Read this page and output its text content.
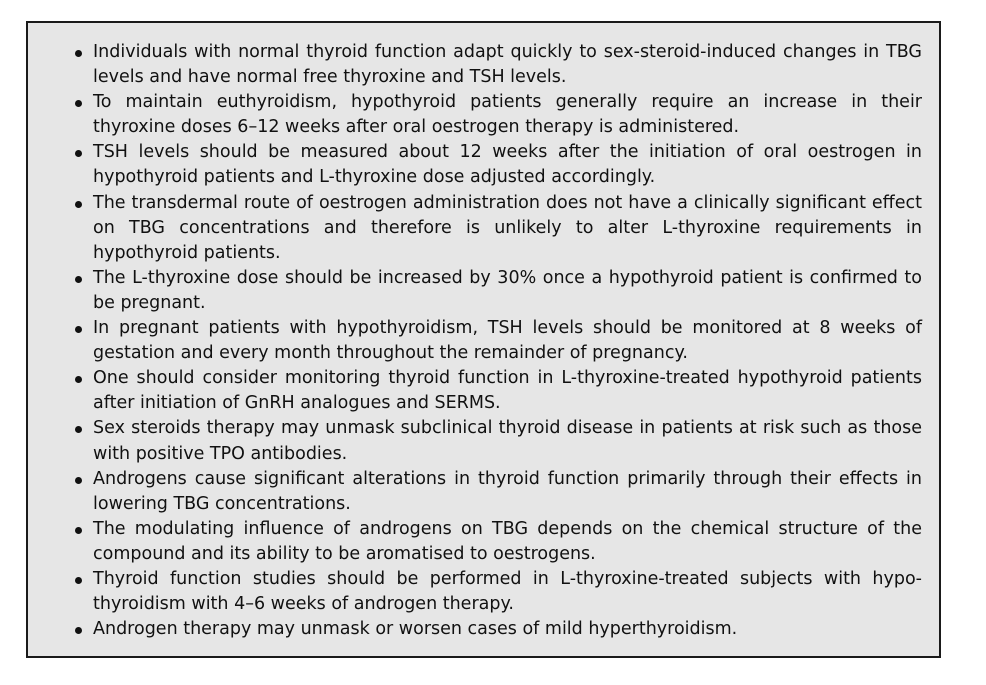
Individuals with normal thyroid function adapt quickly to sex-steroid-induced changes in TBG levels and have normal free thyroxine and TSH levels.
To maintain euthyroidism, hypothyroid patients generally require an increase in their thyroxine doses 6–12 weeks after oral oestrogen therapy is administered.
TSH levels should be measured about 12 weeks after the initiation of oral oestrogen in hypothyroid patients and L-thyroxine dose adjusted accordingly.
The transdermal route of oestrogen administration does not have a clinically significant effect on TBG concentrations and therefore is unlikely to alter L-thyroxine requirements in hypothyroid patients.
The L-thyroxine dose should be increased by 30% once a hypothyroid patient is confirmed to be pregnant.
In pregnant patients with hypothyroidism, TSH levels should be monitored at 8 weeks of gestation and every month throughout the remainder of pregnancy.
One should consider monitoring thyroid function in L-thyroxine-treated hypothyroid patients after initiation of GnRH analogues and SERMS.
Sex steroids therapy may unmask subclinical thyroid disease in patients at risk such as those with positive TPO antibodies.
Androgens cause significant alterations in thyroid function primarily through their effects in lowering TBG concentrations.
The modulating influence of androgens on TBG depends on the chemical structure of the compound and its ability to be aromatised to oestrogens.
Thyroid function studies should be performed in L-thyroxine-treated subjects with hypothyroidism with 4–6 weeks of androgen therapy.
Androgen therapy may unmask or worsen cases of mild hyperthyroidism.
